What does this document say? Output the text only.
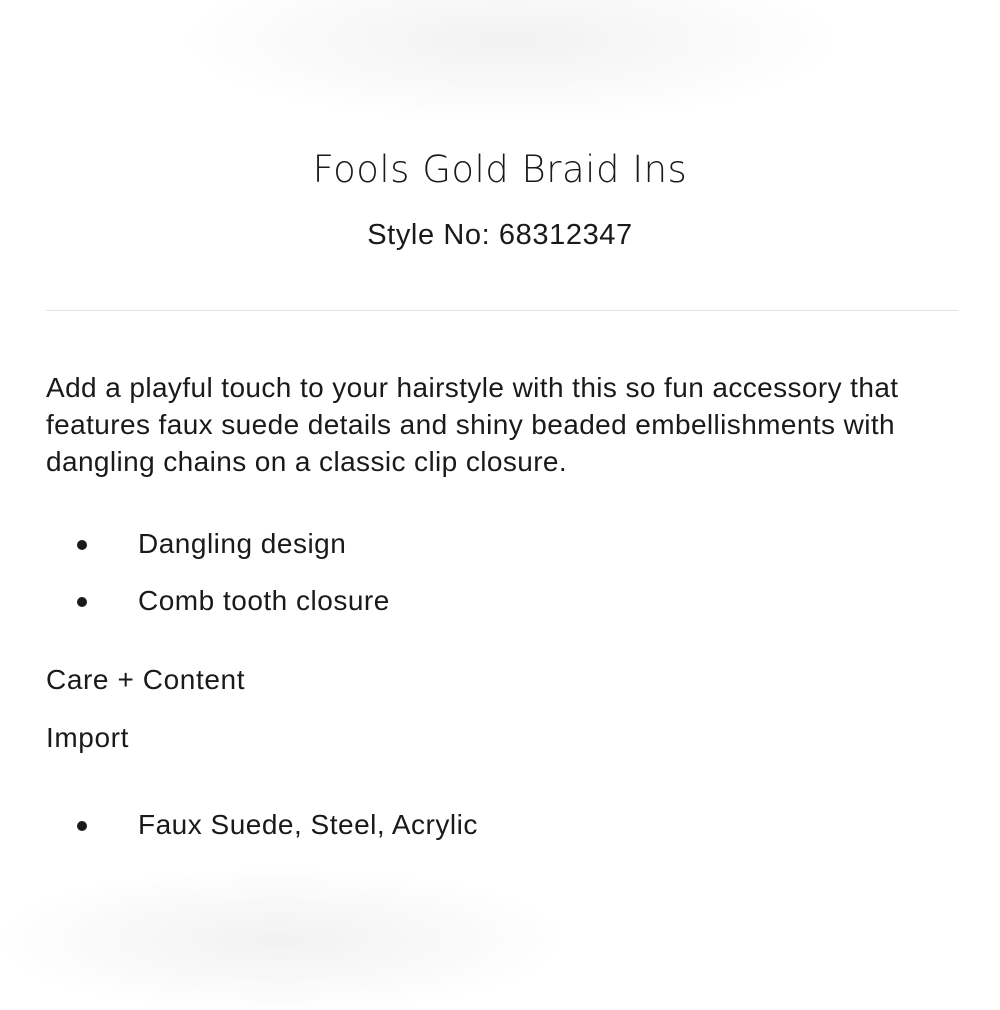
Fools Gold Braid Ins
Style No: 68312347

Add a playful touch to your hairstyle with this so fun accessory that features faux suede details and shiny beaded embellishments with dangling chains on a classic clip closure.

Dangling design
Comb tooth closure
Care + Content
Import
Faux Suede, Steel, Acrylic
